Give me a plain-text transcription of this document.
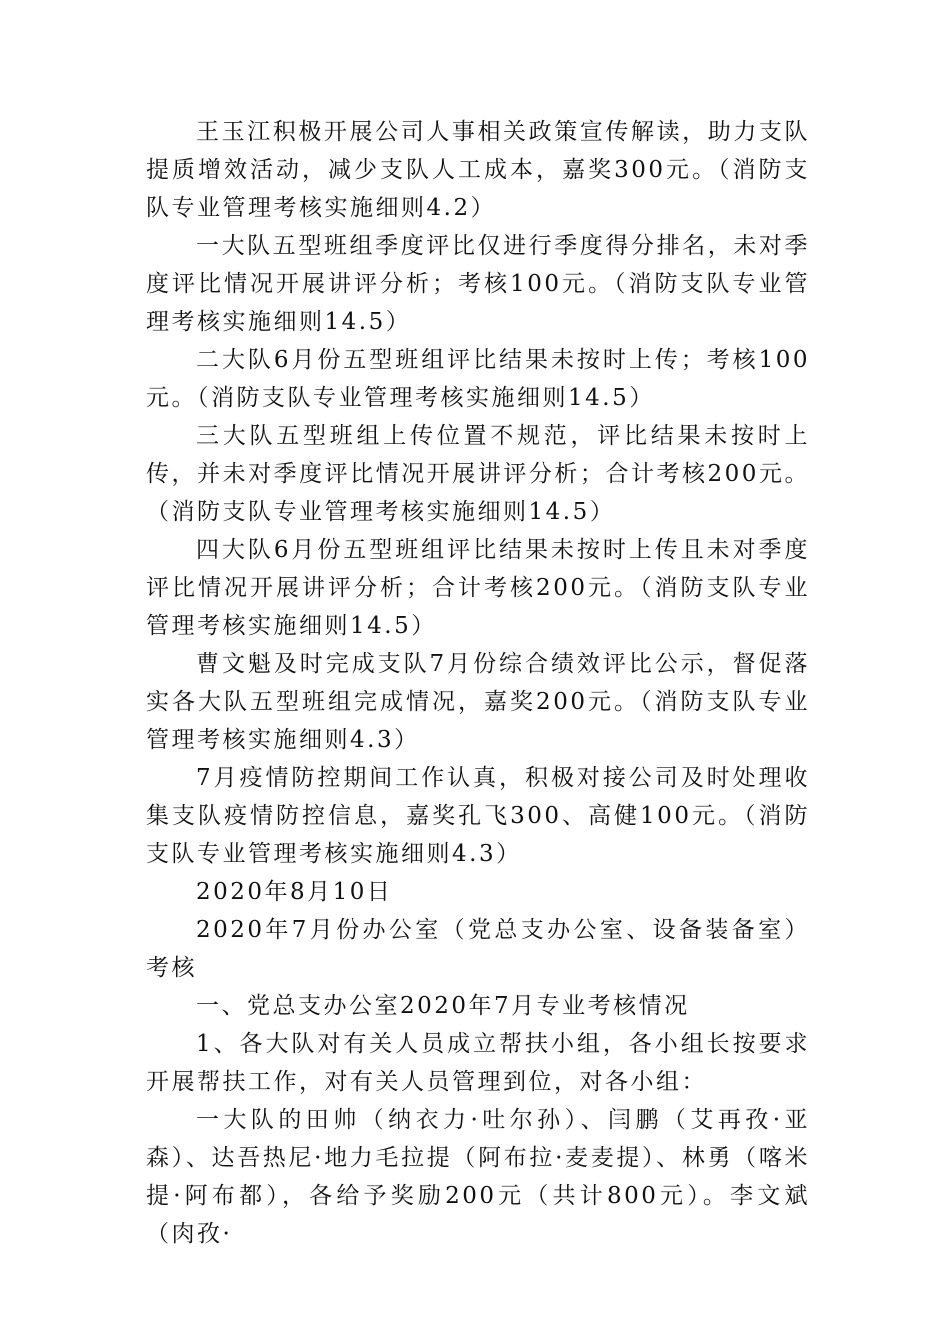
王玉江积极开展公司人事相关政策宣传解读，助力支队提质增效活动，减少支队人工成本，嘉奖300元。（消防支队专业管理考核实施细则4.2）

一大队五型班组季度评比仅进行季度得分排名，未对季度评比情况开展讲评分析；考核100元。（消防支队专业管理考核实施细则14.5）

二大队6月份五型班组评比结果未按时上传；考核100元。（消防支队专业管理考核实施细则14.5）

三大队五型班组上传位置不规范，评比结果未按时上传，并未对季度评比情况开展讲评分析；合计考核200元。（消防支队专业管理考核实施细则14.5）

四大队6月份五型班组评比结果未按时上传且未对季度评比情况开展讲评分析；合计考核200元。（消防支队专业管理考核实施细则14.5）

曹文魁及时完成支队7月份综合绩效评比公示，督促落实各大队五型班组完成情况，嘉奖200元。（消防支队专业管理考核实施细则4.3）

7月疫情防控期间工作认真，积极对接公司及时处理收集支队疫情防控信息，嘉奖孔飞300、高健100元。（消防支队专业管理考核实施细则4.3）

2020年8月10日

2020年7月份办公室（党总支办公室、设备装备室）考核

一、党总支办公室2020年7月专业考核情况

1、各大队对有关人员成立帮扶小组，各小组长按要求开展帮扶工作，对有关人员管理到位，对各小组：

一大队的田帅（纳衣力·吐尔孙）、闫鹏（艾再孜·亚森）、达吾热尼·地力毛拉提（阿布拉·麦麦提）、林勇（喀米提·阿布都），各给予奖励200元（共计800元）。李文斌（肉孜·
